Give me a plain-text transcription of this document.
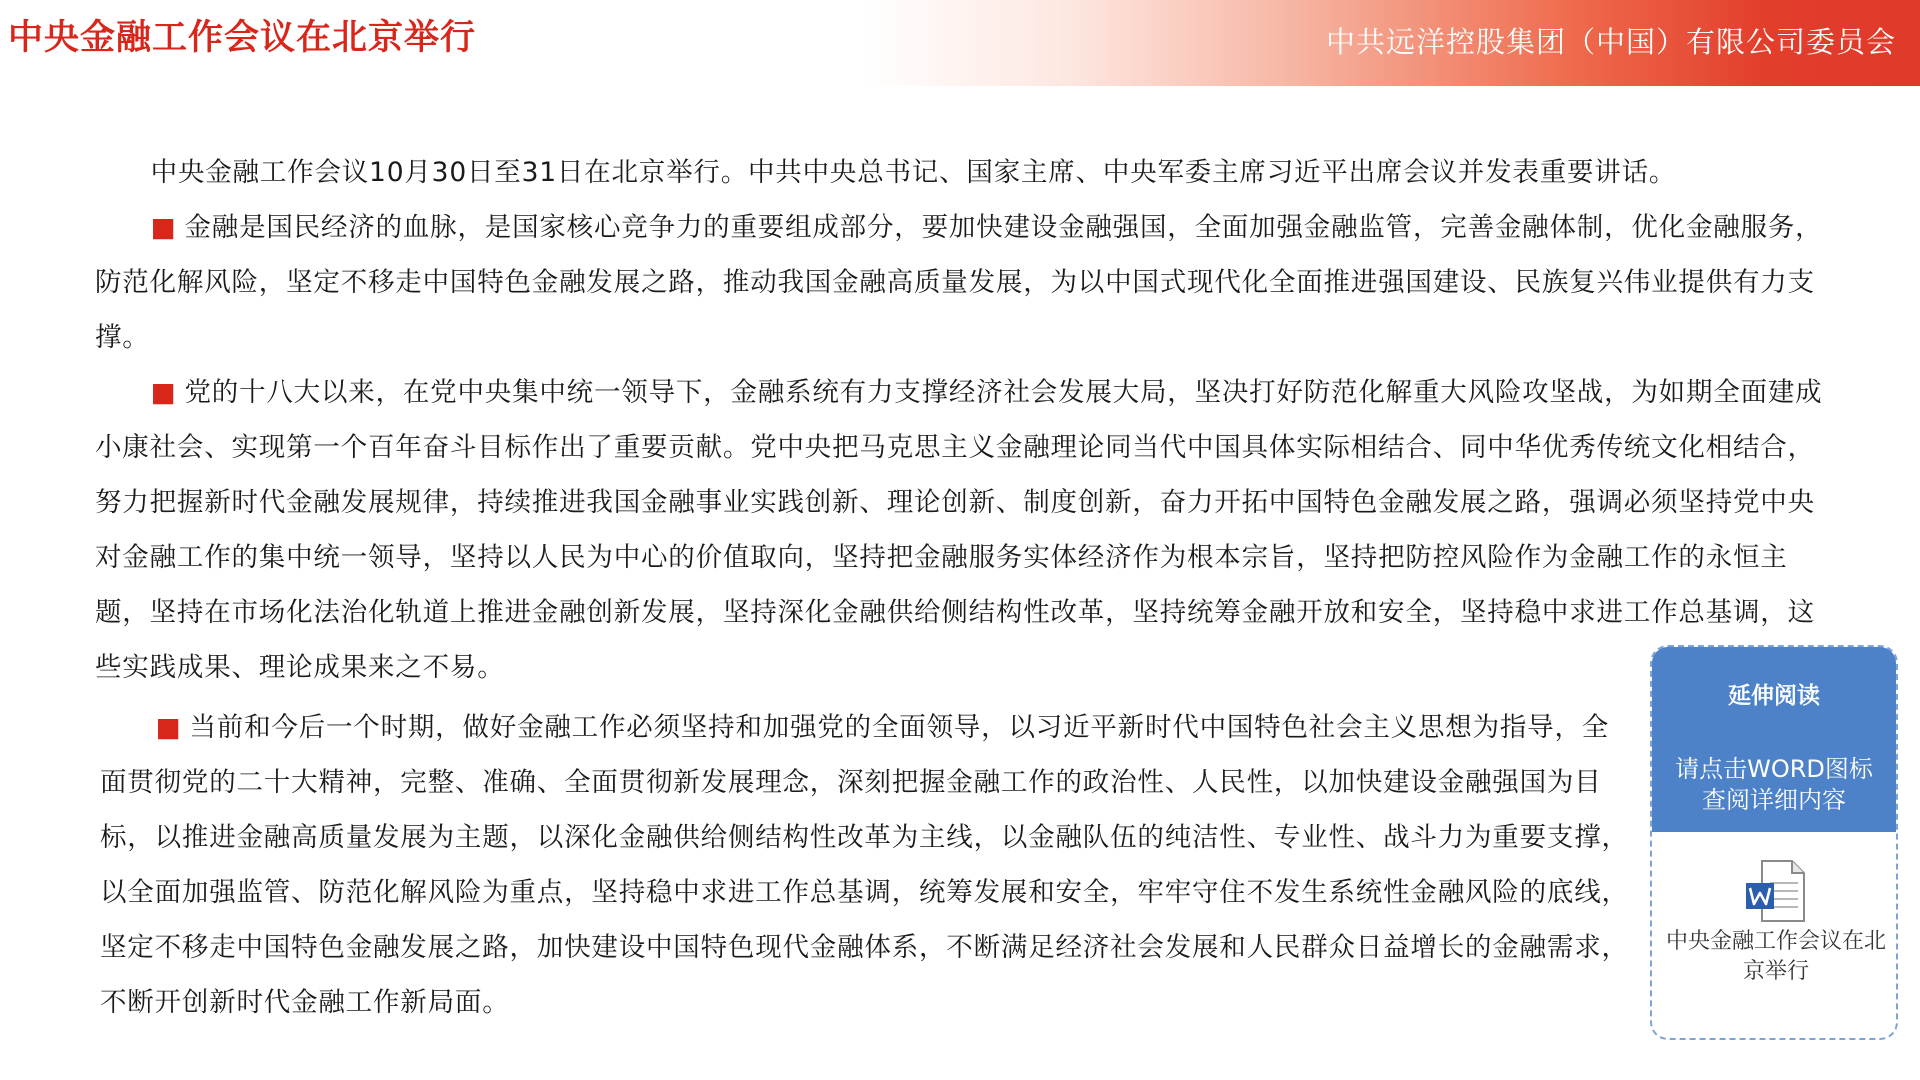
中央金融工作会议在北京举行	中共远洋控股集团（中国）有限公司委员会

中央金融工作会议10月30日至31日在北京举行。中共中央总书记、国家主席、中央军委主席习近平出席会议并发表重要讲话。

■ 金融是国民经济的血脉，是国家核心竞争力的重要组成部分，要加快建设金融强国，全面加强金融监管，完善金融体制，优化金融服务，防范化解风险，坚定不移走中国特色金融发展之路，推动我国金融高质量发展，为以中国式现代化全面推进强国建设、民族复兴伟业提供有力支撑。

■ 党的十八大以来，在党中央集中统一领导下，金融系统有力支撑经济社会发展大局，坚决打好防范化解重大风险攻坚战，为如期全面建成小康社会、实现第一个百年奋斗目标作出了重要贡献。党中央把马克思主义金融理论同当代中国具体实际相结合、同中华优秀传统文化相结合，努力把握新时代金融发展规律，持续推进我国金融事业实践创新、理论创新、制度创新，奋力开拓中国特色金融发展之路，强调必须坚持党中央对金融工作的集中统一领导，坚持以人民为中心的价值取向，坚持把金融服务实体经济作为根本宗旨，坚持把防控风险作为金融工作的永恒主题，坚持在市场化法治化轨道上推进金融创新发展，坚持深化金融供给侧结构性改革，坚持统筹金融开放和安全，坚持稳中求进工作总基调，这些实践成果、理论成果来之不易。

■ 当前和今后一个时期，做好金融工作必须坚持和加强党的全面领导，以习近平新时代中国特色社会主义思想为指导，全面贯彻党的二十大精神，完整、准确、全面贯彻新发展理念，深刻把握金融工作的政治性、人民性，以加快建设金融强国为目标，以推进金融高质量发展为主题，以深化金融供给侧结构性改革为主线，以金融队伍的纯洁性、专业性、战斗力为重要支撑，以全面加强监管、防范化解风险为重点，坚持稳中求进工作总基调，统筹发展和安全，牢牢守住不发生系统性金融风险的底线，坚定不移走中国特色金融发展之路，加快建设中国特色现代金融体系，不断满足经济社会发展和人民群众日益增长的金融需求，不断开创新时代金融工作新局面。

延伸阅读
请点击WORD图标查阅详细内容
中央金融工作会议在北京举行
